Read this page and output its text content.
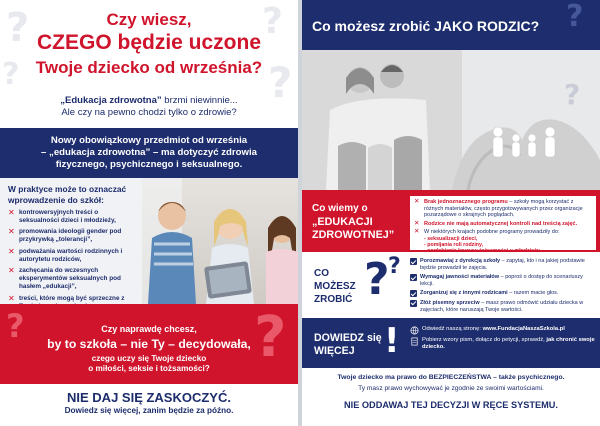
?
?
?
?
Czy wiesz,
CZEGO będzie uczone
Twoje dziecko od września?
„Edukacja zdrowotna” brzmi niewinnie...
Ale czy na pewno chodzi tylko o zdrowie?
Nowy obowiązkowy przedmiot od września
– „edukacja zdrowotna” – ma dotyczyć zdrowia
fizycznego, psychicznego i seksualnego.
W praktyce może to oznaczać
wprowadzenie do szkół:
✕ kontrowersyjnych treści o seksualności dzieci i młodzieży,
✕ promowania ideologii gender pod przykrywką „tolerancji”,
✕ podważania wartości rodzinnych i autorytetu rodziców,
✕ zachęcania do wczesnych eksperymentów seksualnych pod hasłem „edukacji”,
✕ treści, które mogą być sprzeczne z
?	?
Czy naprawdę chcesz,
by to szkoła – nie Ty – decydowała,
czego uczy się Twoje dziecko
o miłości, seksie i tożsamości?
NIE DAJ SIĘ ZASKOCZYĆ.
Dowiedz się więcej, zanim będzie za późno.
?
Co możesz zrobić JAKO RODZIC?
?
Co wiemy o
„EDUKACJI
ZDROWOTNEJ”
✕ Brak jednoznacznego programu – szkoły mogą korzystać z różnych materiałów, często przygotowywanych przez organizacje pozarządowe o skrajnych poglądach.
✕ Rodzice nie mają automatycznej kontroli nad treścią zajęć.
✕ W niektórych krajach podobne programy prowadziły do:
- seksualizacji dzieci,
- pomijania roli rodziny,
?
?
CO
MOŻESZ
ZROBIĆ
Porozmawiaj z dyrekcją szkoły – zapytaj, kto i na jakiej podstawie będzie prowadził te zajęcia.
Wymagaj jawności materiałów – poproś o dostęp do scenariuszy lekcji.
Zorganizuj się z innymi rodzicami – razem macie głos.
Złóż pisemny sprzeciw – masz prawo odmówić udziału dziecka w zajęciach, które naruszają Twoje wartości.
!
DOWIEDZ się
WIĘCEJ
Odwiedź naszą stronę: www.FundacjaNaszaSzkola.pl
Pobierz wzory pism, dołącz do petycji, sprawdź, jak chronić swoje dziecko.
Twoje dziecko ma prawo do BEZPIECZEŃSTWA – także psychicznego.
Ty masz prawo wychowywać je zgodnie ze swoimi wartościami.
NIE ODDAWAJ TEJ DECYZJI W RĘCE SYSTEMU.
